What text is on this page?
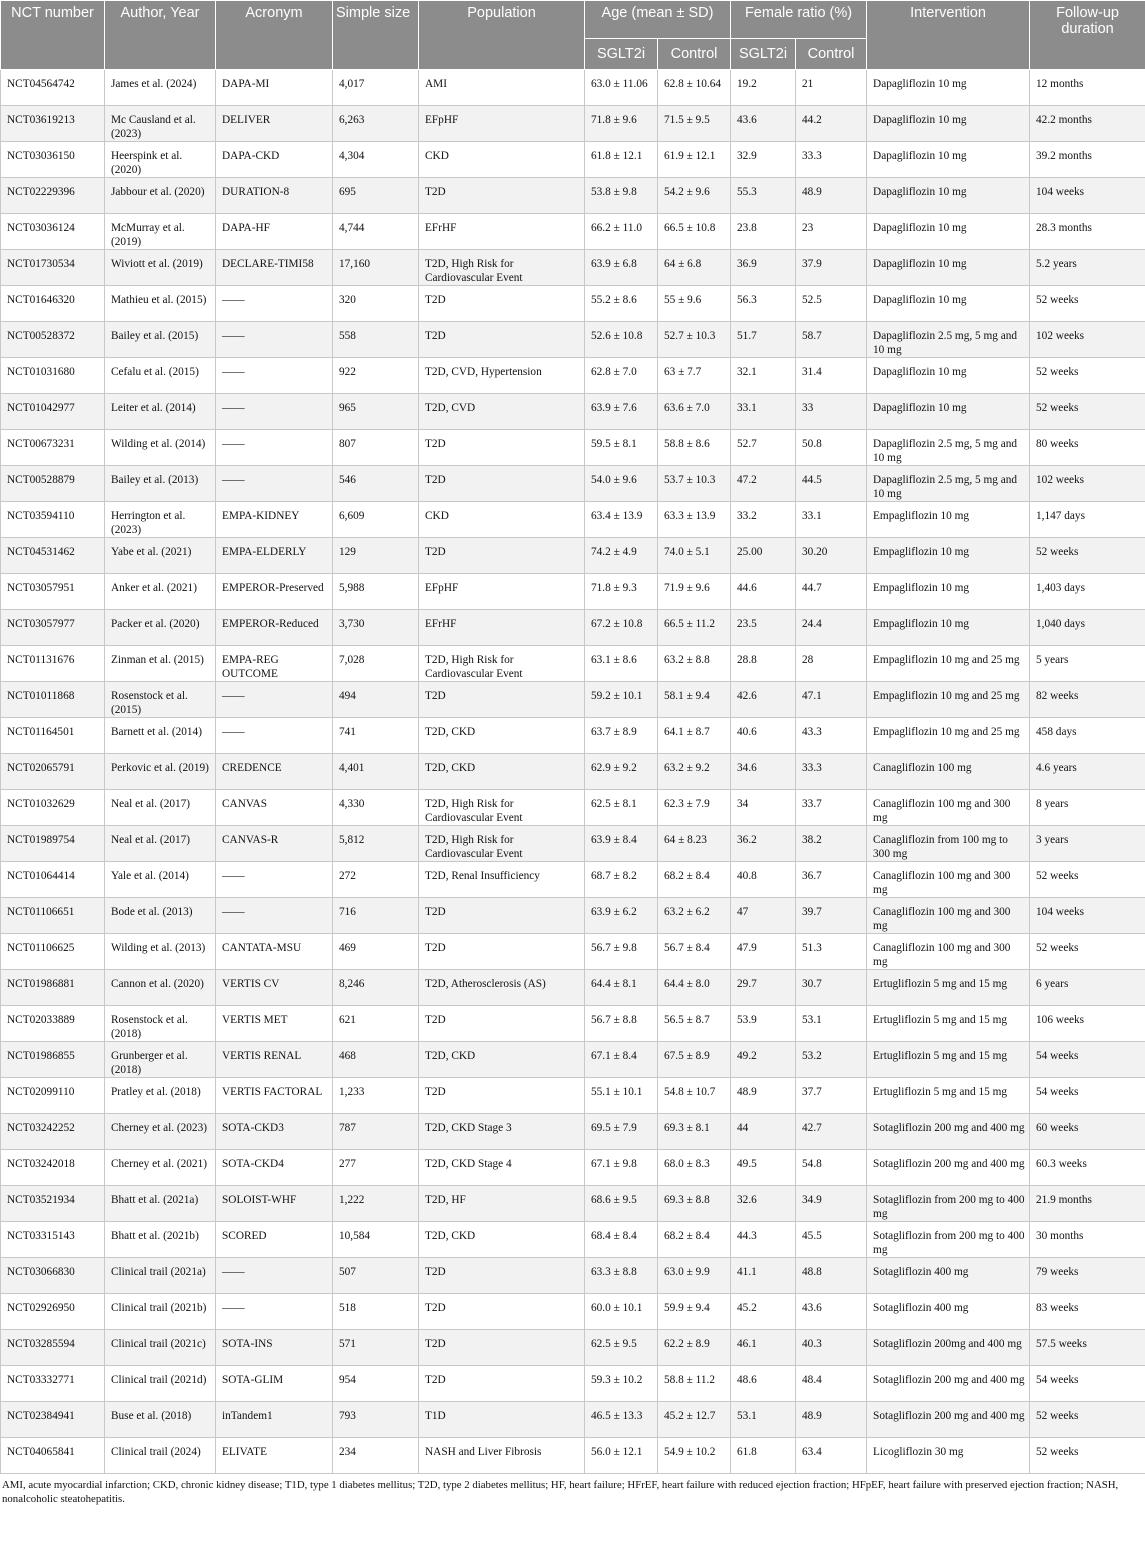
NCT number	Author, Year	Acronym	Simple size	Population	Age (mean ± SD)		Female ratio (%)		Intervention	Follow-up duration
					SGLT2i	Control	SGLT2i	Control		
NCT04564742	James et al. (2024)	DAPA-MI	4,017	AMI	63.0 ± 11.06	62.8 ± 10.64	19.2	21	Dapagliflozin 10 mg	12 months
NCT03619213	Mc Causland et al. (2023)	DELIVER	6,263	EFpHF	71.8 ± 9.6	71.5 ± 9.5	43.6	44.2	Dapagliflozin 10 mg	42.2 months
NCT03036150	Heerspink et al. (2020)	DAPA-CKD	4,304	CKD	61.8 ± 12.1	61.9 ± 12.1	32.9	33.3	Dapagliflozin 10 mg	39.2 months
NCT02229396	Jabbour et al. (2020)	DURATION-8	695	T2D	53.8 ± 9.8	54.2 ± 9.6	55.3	48.9	Dapagliflozin 10 mg	104 weeks
NCT03036124	McMurray et al. (2019)	DAPA-HF	4,744	EFrHF	66.2 ± 11.0	66.5 ± 10.8	23.8	23	Dapagliflozin 10 mg	28.3 months
NCT01730534	Wiviott et al. (2019)	DECLARE-TIMI58	17,160	T2D, High Risk for Cardiovascular Event	63.9 ± 6.8	64 ± 6.8	36.9	37.9	Dapagliflozin 10 mg	5.2 years
NCT01646320	Mathieu et al. (2015)	——	320	T2D	55.2 ± 8.6	55 ± 9.6	56.3	52.5	Dapagliflozin 10 mg	52 weeks
NCT00528372	Bailey et al. (2015)	——	558	T2D	52.6 ± 10.8	52.7 ± 10.3	51.7	58.7	Dapagliflozin 2.5 mg, 5 mg and 10 mg	102 weeks
NCT01031680	Cefalu et al. (2015)	——	922	T2D, CVD, Hypertension	62.8 ± 7.0	63 ± 7.7	32.1	31.4	Dapagliflozin 10 mg	52 weeks
NCT01042977	Leiter et al. (2014)	——	965	T2D, CVD	63.9 ± 7.6	63.6 ± 7.0	33.1	33	Dapagliflozin 10 mg	52 weeks
NCT00673231	Wilding et al. (2014)	——	807	T2D	59.5 ± 8.1	58.8 ± 8.6	52.7	50.8	Dapagliflozin 2.5 mg, 5 mg and 10 mg	80 weeks
NCT00528879	Bailey et al. (2013)	——	546	T2D	54.0 ± 9.6	53.7 ± 10.3	47.2	44.5	Dapagliflozin 2.5 mg, 5 mg and 10 mg	102 weeks
NCT03594110	Herrington et al. (2023)	EMPA-KIDNEY	6,609	CKD	63.4 ± 13.9	63.3 ± 13.9	33.2	33.1	Empagliflozin 10 mg	1,147 days
NCT04531462	Yabe et al. (2021)	EMPA-ELDERLY	129	T2D	74.2 ± 4.9	74.0 ± 5.1	25.00	30.20	Empagliflozin 10 mg	52 weeks
NCT03057951	Anker et al. (2021)	EMPEROR-Preserved	5,988	EFpHF	71.8 ± 9.3	71.9 ± 9.6	44.6	44.7	Empagliflozin 10 mg	1,403 days
NCT03057977	Packer et al. (2020)	EMPEROR-Reduced	3,730	EFrHF	67.2 ± 10.8	66.5 ± 11.2	23.5	24.4	Empagliflozin 10 mg	1,040 days
NCT01131676	Zinman et al. (2015)	EMPA-REG OUTCOME	7,028	T2D, High Risk for Cardiovascular Event	63.1 ± 8.6	63.2 ± 8.8	28.8	28	Empagliflozin 10 mg and 25 mg	5 years
NCT01011868	Rosenstock et al. (2015)	——	494	T2D	59.2 ± 10.1	58.1 ± 9.4	42.6	47.1	Empagliflozin 10 mg and 25 mg	82 weeks
NCT01164501	Barnett et al. (2014)	——	741	T2D, CKD	63.7 ± 8.9	64.1 ± 8.7	40.6	43.3	Empagliflozin 10 mg and 25 mg	458 days
NCT02065791	Perkovic et al. (2019)	CREDENCE	4,401	T2D, CKD	62.9 ± 9.2	63.2 ± 9.2	34.6	33.3	Canagliflozin 100 mg	4.6 years
NCT01032629	Neal et al. (2017)	CANVAS	4,330	T2D, High Risk for Cardiovascular Event	62.5 ± 8.1	62.3 ± 7.9	34	33.7	Canagliflozin 100 mg and 300 mg	8 years
NCT01989754	Neal et al. (2017)	CANVAS-R	5,812	T2D, High Risk for Cardiovascular Event	63.9 ± 8.4	64 ± 8.23	36.2	38.2	Canagliflozin from 100 mg to 300 mg	3 years
NCT01064414	Yale et al. (2014)	——	272	T2D, Renal Insufficiency	68.7 ± 8.2	68.2 ± 8.4	40.8	36.7	Canagliflozin 100 mg and 300 mg	52 weeks
NCT01106651	Bode et al. (2013)	——	716	T2D	63.9 ± 6.2	63.2 ± 6.2	47	39.7	Canagliflozin 100 mg and 300 mg	104 weeks
NCT01106625	Wilding et al. (2013)	CANTATA-MSU	469	T2D	56.7 ± 9.8	56.7 ± 8.4	47.9	51.3	Canagliflozin 100 mg and 300 mg	52 weeks
NCT01986881	Cannon et al. (2020)	VERTIS CV	8,246	T2D, Atherosclerosis (AS)	64.4 ± 8.1	64.4 ± 8.0	29.7	30.7	Ertugliflozin 5 mg and 15 mg	6 years
NCT02033889	Rosenstock et al. (2018)	VERTIS MET	621	T2D	56.7 ± 8.8	56.5 ± 8.7	53.9	53.1	Ertugliflozin 5 mg and 15 mg	106 weeks
NCT01986855	Grunberger et al. (2018)	VERTIS RENAL	468	T2D, CKD	67.1 ± 8.4	67.5 ± 8.9	49.2	53.2	Ertugliflozin 5 mg and 15 mg	54 weeks
NCT02099110	Pratley et al. (2018)	VERTIS FACTORAL	1,233	T2D	55.1 ± 10.1	54.8 ± 10.7	48.9	37.7	Ertugliflozin 5 mg and 15 mg	54 weeks
NCT03242252	Cherney et al. (2023)	SOTA-CKD3	787	T2D, CKD Stage 3	69.5 ± 7.9	69.3 ± 8.1	44	42.7	Sotagliflozin 200 mg and 400 mg	60 weeks
NCT03242018	Cherney et al. (2021)	SOTA-CKD4	277	T2D, CKD Stage 4	67.1 ± 9.8	68.0 ± 8.3	49.5	54.8	Sotagliflozin 200 mg and 400 mg	60.3 weeks
NCT03521934	Bhatt et al. (2021a)	SOLOIST-WHF	1,222	T2D, HF	68.6 ± 9.5	69.3 ± 8.8	32.6	34.9	Sotagliflozin from 200 mg to 400 mg	21.9 months
NCT03315143	Bhatt et al. (2021b)	SCORED	10,584	T2D, CKD	68.4 ± 8.4	68.2 ± 8.4	44.3	45.5	Sotagliflozin from 200 mg to 400 mg	30 months
NCT03066830	Clinical trail (2021a)	——	507	T2D	63.3 ± 8.8	63.0 ± 9.9	41.1	48.8	Sotagliflozin 400 mg	79 weeks
NCT02926950	Clinical trail (2021b)	——	518	T2D	60.0 ± 10.1	59.9 ± 9.4	45.2	43.6	Sotagliflozin 400 mg	83 weeks
NCT03285594	Clinical trail (2021c)	SOTA-INS	571	T2D	62.5 ± 9.5	62.2 ± 8.9	46.1	40.3	Sotagliflozin 200mg and 400 mg	57.5 weeks
NCT03332771	Clinical trail (2021d)	SOTA-GLIM	954	T2D	59.3 ± 10.2	58.8 ± 11.2	48.6	48.4	Sotagliflozin 200 mg and 400 mg	54 weeks
NCT02384941	Buse et al. (2018)	inTandem1	793	T1D	46.5 ± 13.3	45.2 ± 12.7	53.1	48.9	Sotagliflozin 200 mg and 400 mg	52 weeks
NCT04065841	Clinical trail (2024)	ELIVATE	234	NASH and Liver Fibrosis	56.0 ± 12.1	54.9 ± 10.2	61.8	63.4	Licogliflozin 30 mg	52 weeks
AMI, acute myocardial infarction; CKD, chronic kidney disease; T1D, type 1 diabetes mellitus; T2D, type 2 diabetes mellitus; HF, heart failure; HFrEF, heart failure with reduced ejection fraction; HFpEF, heart failure with preserved ejection fraction; NASH, nonalcoholic steatohepatitis.
